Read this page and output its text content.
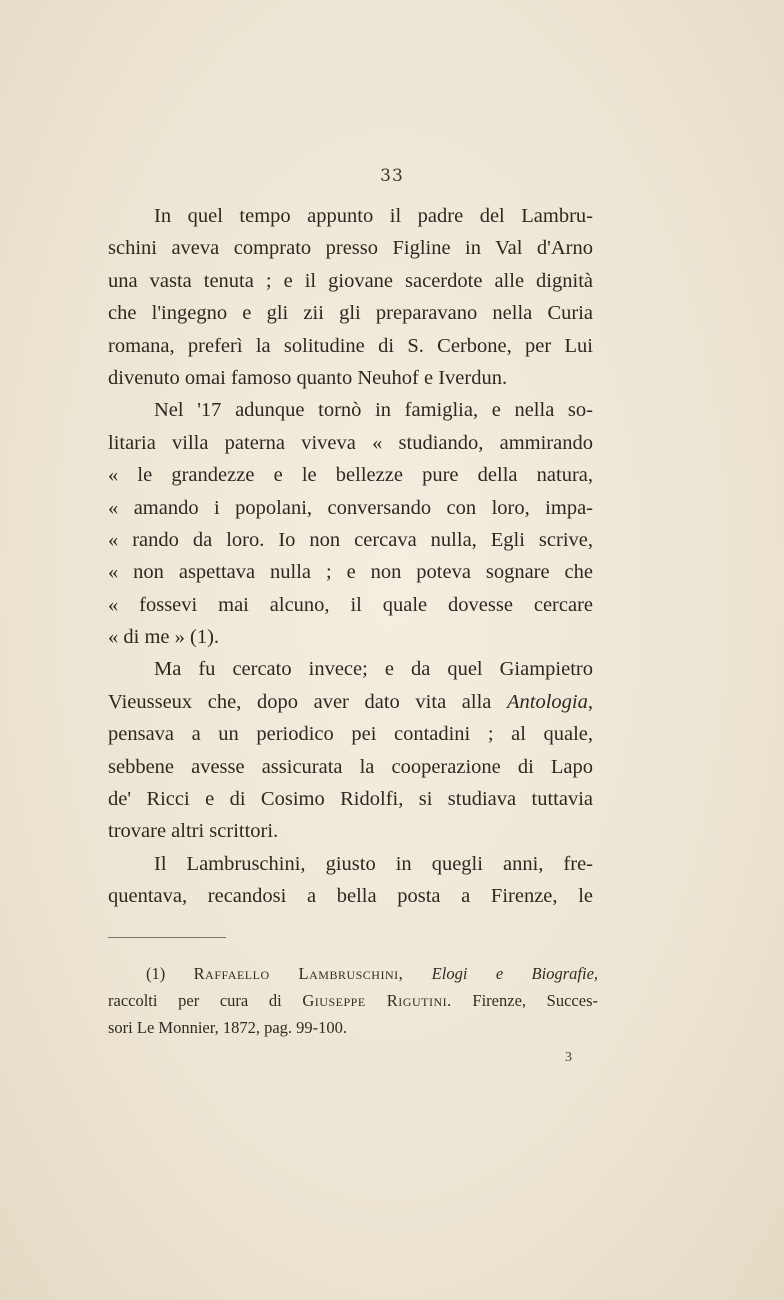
33
In quel tempo appunto il padre del Lambru-
schini aveva comprato presso Figline in Val d'Arno
una vasta tenuta ; e il giovane sacerdote alle dignità
che l'ingegno e gli zii gli preparavano nella Curia
romana, preferì la solitudine di S. Cerbone, per Lui
divenuto omai famoso quanto Neuhof e Iverdun.
Nel '17 adunque tornò in famiglia, e nella so-
litaria villa paterna viveva « studiando, ammirando
« le grandezze e le bellezze pure della natura,
« amando i popolani, conversando con loro, impa-
« rando da loro. Io non cercava nulla, Egli scrive,
« non aspettava nulla ; e non poteva sognare che
« fossevi mai alcuno, il quale dovesse cercare
« di me » (1).
Ma fu cercato invece; e da quel Giampietro
Vieusseux che, dopo aver dato vita alla Antologia,
pensava a un periodico pei contadini ; al quale,
sebbene avesse assicurata la cooperazione di Lapo
de' Ricci e di Cosimo Ridolfi, si studiava tuttavia
trovare altri scrittori.
Il Lambruschini, giusto in quegli anni, fre-
quentava, recandosi a bella posta a Firenze, le
(1) Raffaello Lambruschini, Elogi e Biografie,
raccolti per cura di Giuseppe Rigutini. Firenze, Succes-
sori Le Monnier, 1872, pag. 99-100.
3
